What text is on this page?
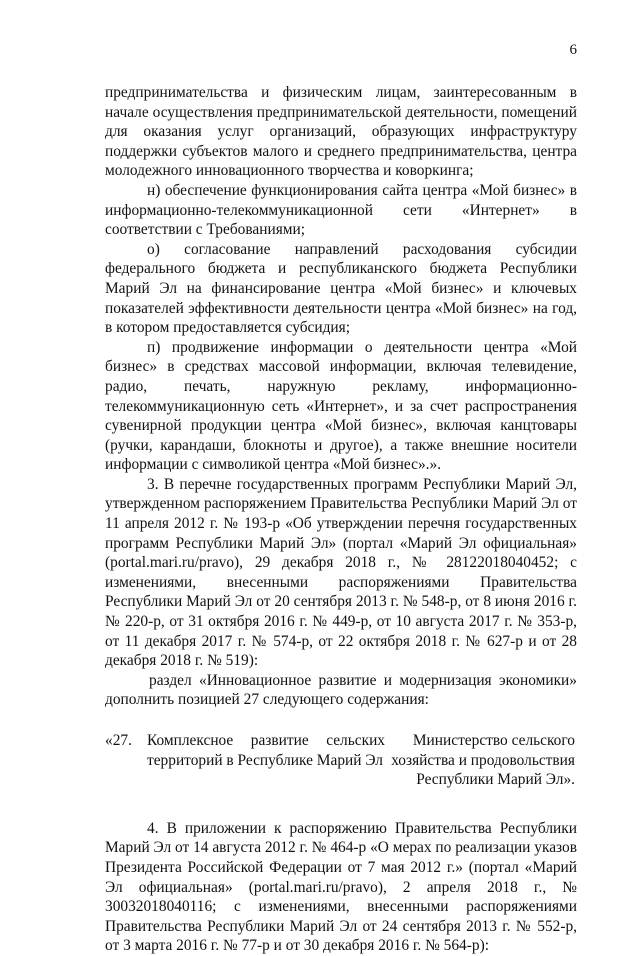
6

предпринимательства и физическим лицам, заинтересованным в начале осуществления предпринимательской деятельности, помещений для оказания услуг организаций, образующих инфраструктуру поддержки субъектов малого и среднего предпринимательства, центра молодежного инновационного творчества и коворкинга;

н) обеспечение функционирования сайта центра «Мой бизнес» в информационно-телекоммуникационной сети «Интернет» в соответствии с Требованиями;

о) согласование направлений расходования субсидии федерального бюджета и республиканского бюджета Республики Марий Эл на финансирование центра «Мой бизнес» и ключевых показателей эффективности деятельности центра «Мой бизнес» на год, в котором предоставляется субсидия;

п) продвижение информации о деятельности центра «Мой бизнес» в средствах массовой информации, включая телевидение, радио, печать, наружную рекламу, информационно-телекоммуникационную сеть «Интернет», и за счет распространения сувенирной продукции центра «Мой бизнес», включая канцтовары (ручки, карандаши, блокноты и другое), а также внешние носители информации с символикой центра «Мой бизнес».».

3. В перечне государственных программ Республики Марий Эл, утвержденном распоряжением Правительства Республики Марий Эл от 11 апреля 2012 г. № 193-р «Об утверждении перечня государственных программ Республики Марий Эл» (портал «Марий Эл официальная» (portal.mari.ru/pravo), 29 декабря 2018 г., № 28122018040452; с изменениями, внесенными распоряжениями Правительства Республики Марий Эл от 20 сентября 2013 г. № 548-р, от 8 июня 2016 г. № 220-р, от 31 октября 2016 г. № 449-р, от 10 августа 2017 г. № 353-р, от 11 декабря 2017 г. № 574-р, от 22 октября 2018 г. № 627-р и от 28 декабря 2018 г. № 519):

раздел «Инновационное развитие и модернизация экономики» дополнить позицией 27 следующего содержания:

«27. Комплексное развитие сельских территорий в Республике Марий Эл
Министерство сельского хозяйства и продовольствия Республики Марий Эл».

4. В приложении к распоряжению Правительства Республики Марий Эл от 14 августа 2012 г. № 464-р «О мерах по реализации указов Президента Российской Федерации от 7 мая 2012 г.» (портал «Марий Эл официальная» (portal.mari.ru/pravo), 2 апреля 2018 г., № 30032018040116; с изменениями, внесенными распоряжениями Правительства Республики Марий Эл от 24 сентября 2013 г. № 552-р, от 3 марта 2016 г. № 77-р и от 30 декабря 2016 г. № 564-р):
